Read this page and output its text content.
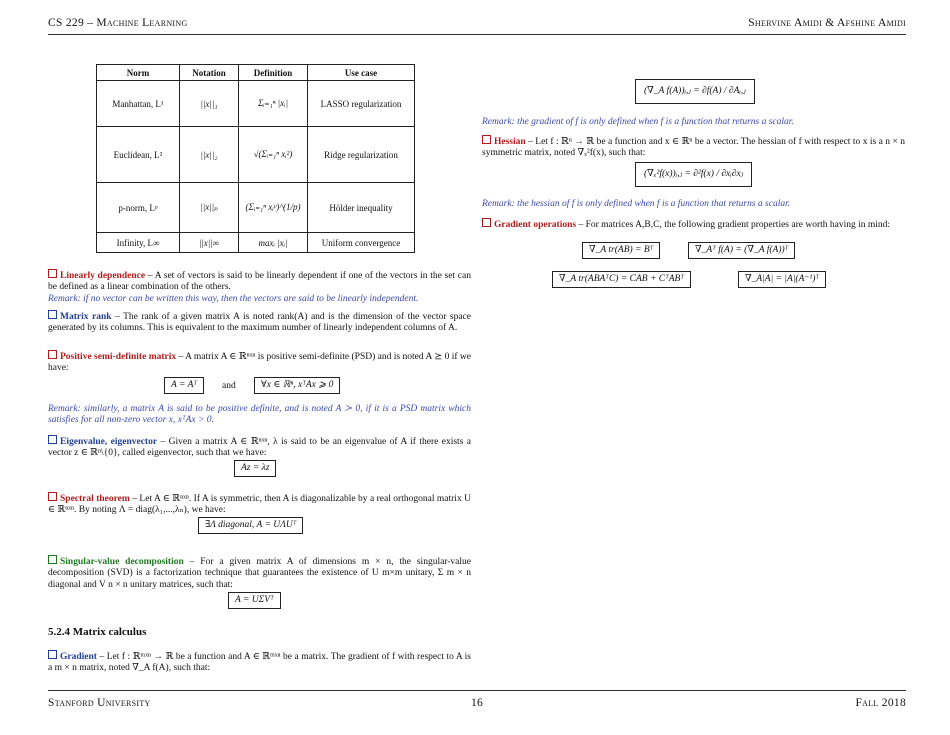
CS 229 – Machine Learning	Shervine Amidi & Afshine Amidi
Norm	Notation	Definition	Use case
Manhattan, L¹	||x||₁	Σᵢ₌₁ⁿ |xᵢ|	LASSO regularization
Euclidean, L²	||x||₂	√(Σᵢ₌₁ⁿ xᵢ²)	Ridge regularization
p-norm, Lᵖ	||x||ₚ	(Σᵢ₌₁ⁿ xᵢᵖ)^(1/p)	Hölder inequality
Infinity, L∞	||x||∞	maxᵢ |xᵢ|	Uniform convergence
Linearly dependence – A set of vectors is said to be linearly dependent if one of the vectors in the set can be defined as a linear combination of the others.
Remark: if no vector can be written this way, then the vectors are said to be linearly independent.
Matrix rank – The rank of a given matrix A is noted rank(A) and is the dimension of the vector space generated by its columns. This is equivalent to the maximum number of linearly independent columns of A.
Positive semi-definite matrix – A matrix A ∈ ℝⁿˣⁿ is positive semi-definite (PSD) and is noted A ⪰ 0 if we have:
A = Aᵀ	and	∀x ∈ ℝⁿ, xᵀAx ⩾ 0
Remark: similarly, a matrix A is said to be positive definite, and is noted A ≻ 0, if it is a PSD matrix which satisfies for all non-zero vector x, xᵀAx > 0.
Eigenvalue, eigenvector – Given a matrix A ∈ ℝⁿˣⁿ, λ is said to be an eigenvalue of A if there exists a vector z ∈ ℝⁿ\{0}, called eigenvector, such that we have:
Az = λz
Spectral theorem – Let A ∈ ℝⁿˣⁿ. If A is symmetric, then A is diagonalizable by a real orthogonal matrix U ∈ ℝⁿˣⁿ. By noting Λ = diag(λ₁,...,λₙ), we have:
∃Λ diagonal, A = UΛUᵀ
Singular-value decomposition – For a given matrix A of dimensions m × n, the singular-value decomposition (SVD) is a factorization technique that guarantees the existence of U m×m unitary, Σ m × n diagonal and V n × n unitary matrices, such that:
A = UΣVᵀ
5.2.4 Matrix calculus
Gradient – Let f : ℝᵐˣⁿ → ℝ be a function and A ∈ ℝᵐˣⁿ be a matrix. The gradient of f with respect to A is a m × n matrix, noted ∇_A f(A), such that:
(∇_A f(A))ᵢ,ⱼ = ∂f(A) / ∂Aᵢ,ⱼ
Remark: the gradient of f is only defined when f is a function that returns a scalar.
Hessian – Let f : ℝⁿ → ℝ be a function and x ∈ ℝⁿ be a vector. The hessian of f with respect to x is a n × n symmetric matrix, noted ∇ₓ²f(x), such that:
(∇ₓ²f(x))ᵢ,ⱼ = ∂²f(x) / ∂xᵢ∂xⱼ
Remark: the hessian of f is only defined when f is a function that returns a scalar.
Gradient operations – For matrices A,B,C, the following gradient properties are worth having in mind:
∇_A tr(AB) = Bᵀ	∇_Aᵀ f(A) = (∇_A f(A))ᵀ
∇_A tr(ABAᵀC) = CAB + CᵀABᵀ	∇_A|A| = |A|(A⁻¹)ᵀ
Stanford University	16	Fall 2018
